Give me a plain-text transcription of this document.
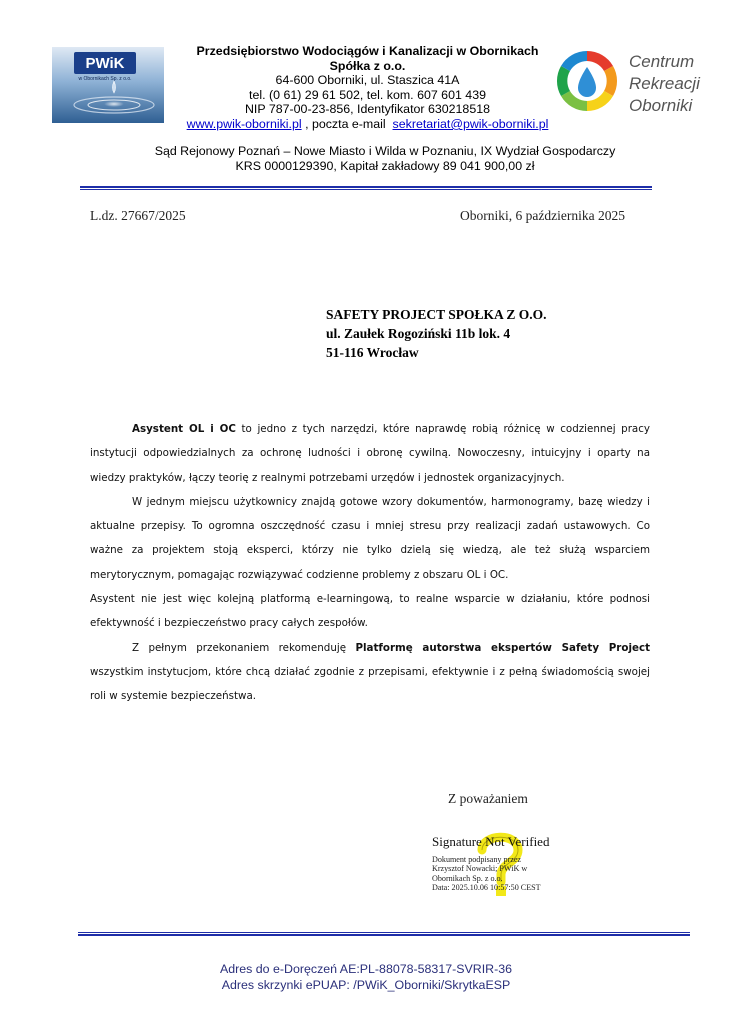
PWiK
w Obornikach Sp. z o.o.
Przedsiębiorstwo Wodociągów i Kanalizacji w Obornikach
Spółka z o.o.
64-600 Oborniki, ul. Staszica 41A
tel. (0 61) 29 61 502, tel. kom. 607 601 439
NIP 787-00-23-856, Identyfikator 630218518
www.pwik-oborniki.pl , poczta e-mail  sekretariat@pwik-oborniki.pl
Sąd Rejonowy Poznań – Nowe Miasto i Wilda w Poznaniu, IX Wydział Gospodarczy
KRS 0000129390, Kapitał zakładowy 89 041 900,00 zł
Centrum
Rekreacji
Oborniki
L.dz. 27667/2025	Oborniki, 6 października 2025
SAFETY PROJECT SPOŁKA Z O.O.
ul. Zaułek Rogoziński 11b lok. 4
51-116 Wrocław

Asystent OL i OC to jedno z tych narzędzi, które naprawdę robią różnicę w codziennej pracy instytucji odpowiedzialnych za ochronę ludności i obronę cywilną. Nowoczesny, intuicyjny i oparty na wiedzy praktyków, łączy teorię z realnymi potrzebami urzędów i jednostek organizacyjnych.

W jednym miejscu użytkownicy znajdą gotowe wzory dokumentów, harmonogramy, bazę wiedzy i aktualne przepisy. To ogromna oszczędność czasu i mniej stresu przy realizacji zadań ustawowych. Co ważne za projektem stoją eksperci, którzy nie tylko dzielą się wiedzą, ale też służą wsparciem merytorycznym, pomagając rozwiązywać codzienne problemy z obszaru OL i OC.

Asystent nie jest więc kolejną platformą e-learningową, to realne wsparcie w działaniu, które podnosi efektywność i bezpieczeństwo pracy całych zespołów.

Z pełnym przekonaniem rekomenduję Platformę autorstwa ekspertów Safety Project wszystkim instytucjom, które chcą działać zgodnie z przepisami, efektywnie i z pełną świadomością swojej roli w systemie bezpieczeństwa.

Z poważaniem
Signature Not Verified
Dokument podpisany przez
Krzysztof Nowacki; PWiK w
Obornikach Sp. z o.o.
Data: 2025.10.06 10:57:50 CEST
Adres do e-Doręczeń AE:PL-88078-58317-SVRIR-36
Adres skrzynki ePUAP: /PWiK_Oborniki/SkrytkaESP
